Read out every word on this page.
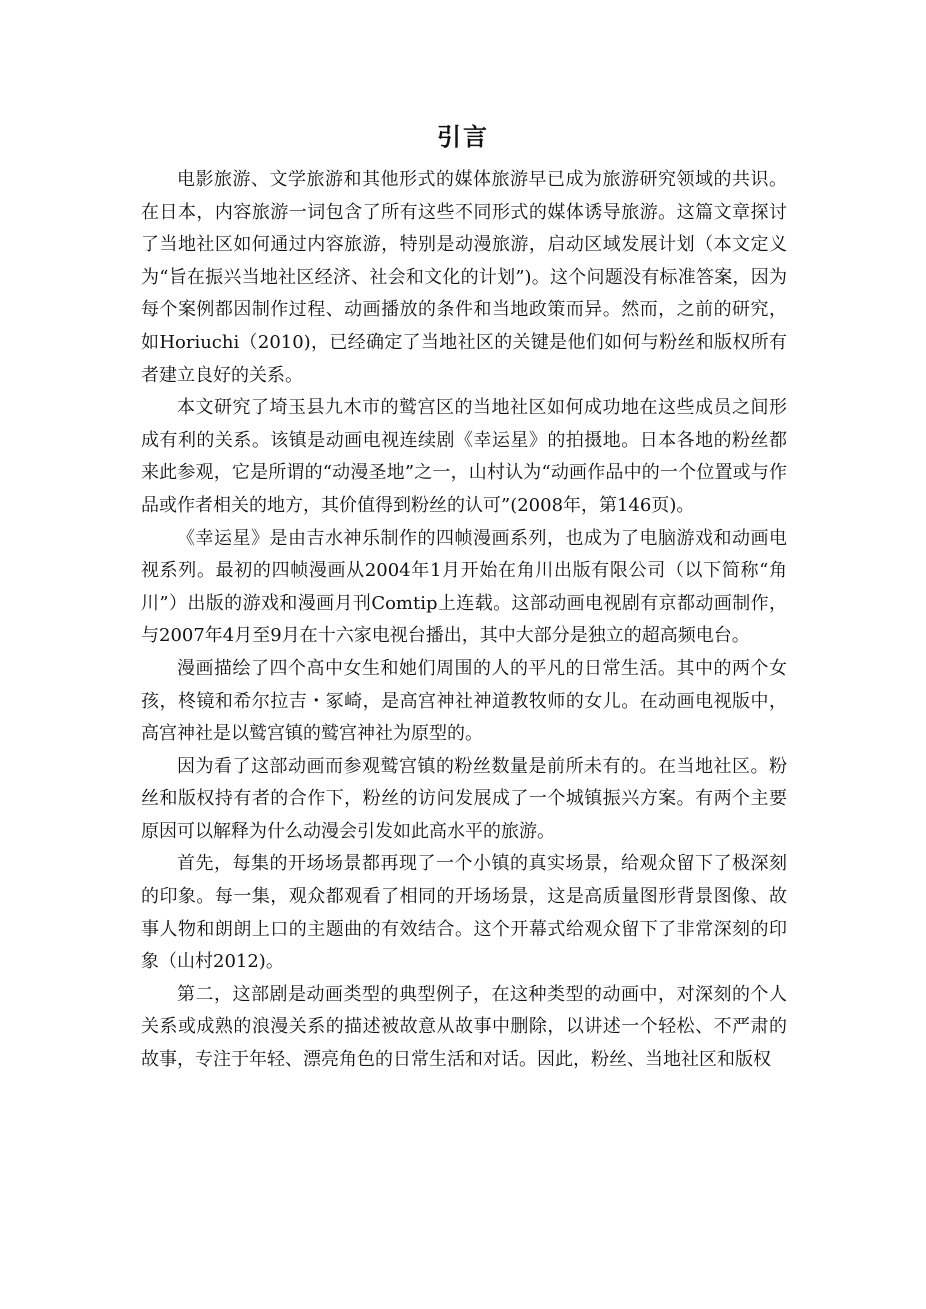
引言

电影旅游、文学旅游和其他形式的媒体旅游早已成为旅游研究领域的共识。在日本，内容旅游一词包含了所有这些不同形式的媒体诱导旅游。这篇文章探讨了当地社区如何通过内容旅游，特别是动漫旅游，启动区域发展计划（本文定义为“旨在振兴当地社区经济、社会和文化的计划”)。这个问题没有标准答案，因为每个案例都因制作过程、动画播放的条件和当地政策而异。然而，之前的研究，如Horiuchi（2010)，已经确定了当地社区的关键是他们如何与粉丝和版权所有者建立良好的关系。

本文研究了埼玉县九木市的鹫宫区的当地社区如何成功地在这些成员之间形成有利的关系。该镇是动画电视连续剧《幸运星》的拍摄地。日本各地的粉丝都来此参观，它是所谓的“动漫圣地”之一，山村认为“动画作品中的一个位置或与作品或作者相关的地方，其价值得到粉丝的认可”(2008年，第146页)。

《幸运星》是由吉水神乐制作的四帧漫画系列，也成为了电脑游戏和动画电视系列。最初的四帧漫画从2004年1月开始在角川出版有限公司（以下简称“角川”）出版的游戏和漫画月刊Comtip上连载。这部动画电视剧有京都动画制作，与2007年4月至9月在十六家电视台播出，其中大部分是独立的超高频电台。

漫画描绘了四个高中女生和她们周围的人的平凡的日常生活。其中的两个女孩，柊镜和希尔拉吉・冢崎，是高宫神社神道教牧师的女儿。在动画电视版中，高宫神社是以鹫宫镇的鹫宫神社为原型的。

因为看了这部动画而参观鹫宫镇的粉丝数量是前所未有的。在当地社区。粉丝和版权持有者的合作下，粉丝的访问发展成了一个城镇振兴方案。有两个主要原因可以解释为什么动漫会引发如此高水平的旅游。

首先，每集的开场场景都再现了一个小镇的真实场景，给观众留下了极深刻的印象。每一集，观众都观看了相同的开场场景，这是高质量图形背景图像、故事人物和朗朗上口的主题曲的有效结合。这个开幕式给观众留下了非常深刻的印象（山村2012)。

第二，这部剧是动画类型的典型例子，在这种类型的动画中，对深刻的个人关系或成熟的浪漫关系的描述被故意从故事中删除，以讲述一个轻松、不严肃的故事，专注于年轻、漂亮角色的日常生活和对话。因此，粉丝、当地社区和版权
